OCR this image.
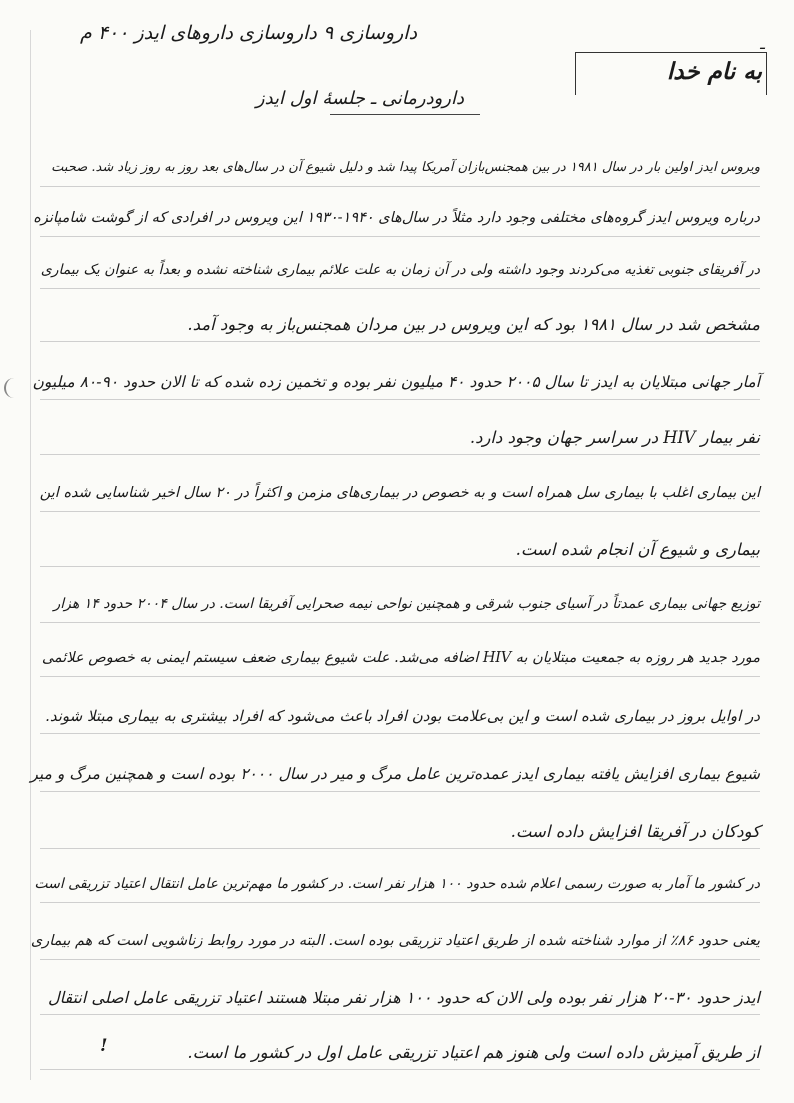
داروسازی ۹ داروسازی داروهای ایدز ۴۰۰ م	ـ
به نام خدا
دارودرمانی ـ جلسهٔ اول ایدز
ویروس ایدز اولین بار در سال ۱۹۸۱ در بین همجنس‌بازان آمریکا پیدا شد و دلیل شیوع آن در سال‌های بعد روز به روز زیاد شد. صحبت
درباره ویروس ایدز گروه‌های مختلفی وجود دارد مثلاً در سال‌های ۱۹۴۰-۱۹۳۰ این ویروس در افرادی که از گوشت شامپانزه
در آفریقای جنوبی تغذیه می‌کردند وجود داشته ولی در آن زمان به علت علائم بیماری شناخته نشده و بعداً به عنوان یک بیماری
مشخص شد در سال ۱۹۸۱ بود که این ویروس در بین مردان همجنس‌باز به وجود آمد.
آمار جهانی مبتلایان به ایدز تا سال ۲۰۰۵ حدود ۴۰ میلیون نفر بوده و تخمین زده شده که تا الان حدود ۹۰-۸۰ میلیون
نفر بیمار HIV در سراسر جهان وجود دارد.
این بیماری اغلب با بیماری سل همراه است و به خصوص در بیماری‌های مزمن و اکثراً در ۲۰ سال اخیر شناسایی شده این
بیماری و شیوع آن انجام شده است.
توزیع جهانی بیماری عمدتاً در آسیای جنوب شرقی و همچنین نواحی نیمه صحرایی آفریقا است. در سال ۲۰۰۴ حدود ۱۴ هزار
مورد جدید هر روزه به جمعیت مبتلایان به HIV اضافه می‌شد. علت شیوع بیماری ضعف سیستم ایمنی به خصوص علائمی
در اوایل بروز در بیماری شده است و این بی‌علامت بودن افراد باعث می‌شود که افراد بیشتری به بیماری مبتلا شوند.
شیوع بیماری افزایش یافته بیماری ایدز عمده‌ترین عامل مرگ و میر در سال ۲۰۰۰ بوده است و همچنین مرگ و میر
کودکان در آفریقا افزایش داده است.
در کشور ما آمار به صورت رسمی اعلام شده حدود ۱۰۰ هزار نفر است. در کشور ما مهم‌ترین عامل انتقال اعتیاد تزریقی است
یعنی حدود ۸۶٪ از موارد شناخته شده از طریق اعتیاد تزریقی بوده است. البته در مورد روابط زناشویی است که هم بیماری
ایدز حدود ۳۰-۲۰ هزار نفر بوده ولی الان که حدود ۱۰۰ هزار نفر مبتلا هستند اعتیاد تزریقی عامل اصلی انتقال
از طریق آمیزش داده است ولی هنوز هم اعتیاد تزریقی عامل اول در کشور ما است.
!
